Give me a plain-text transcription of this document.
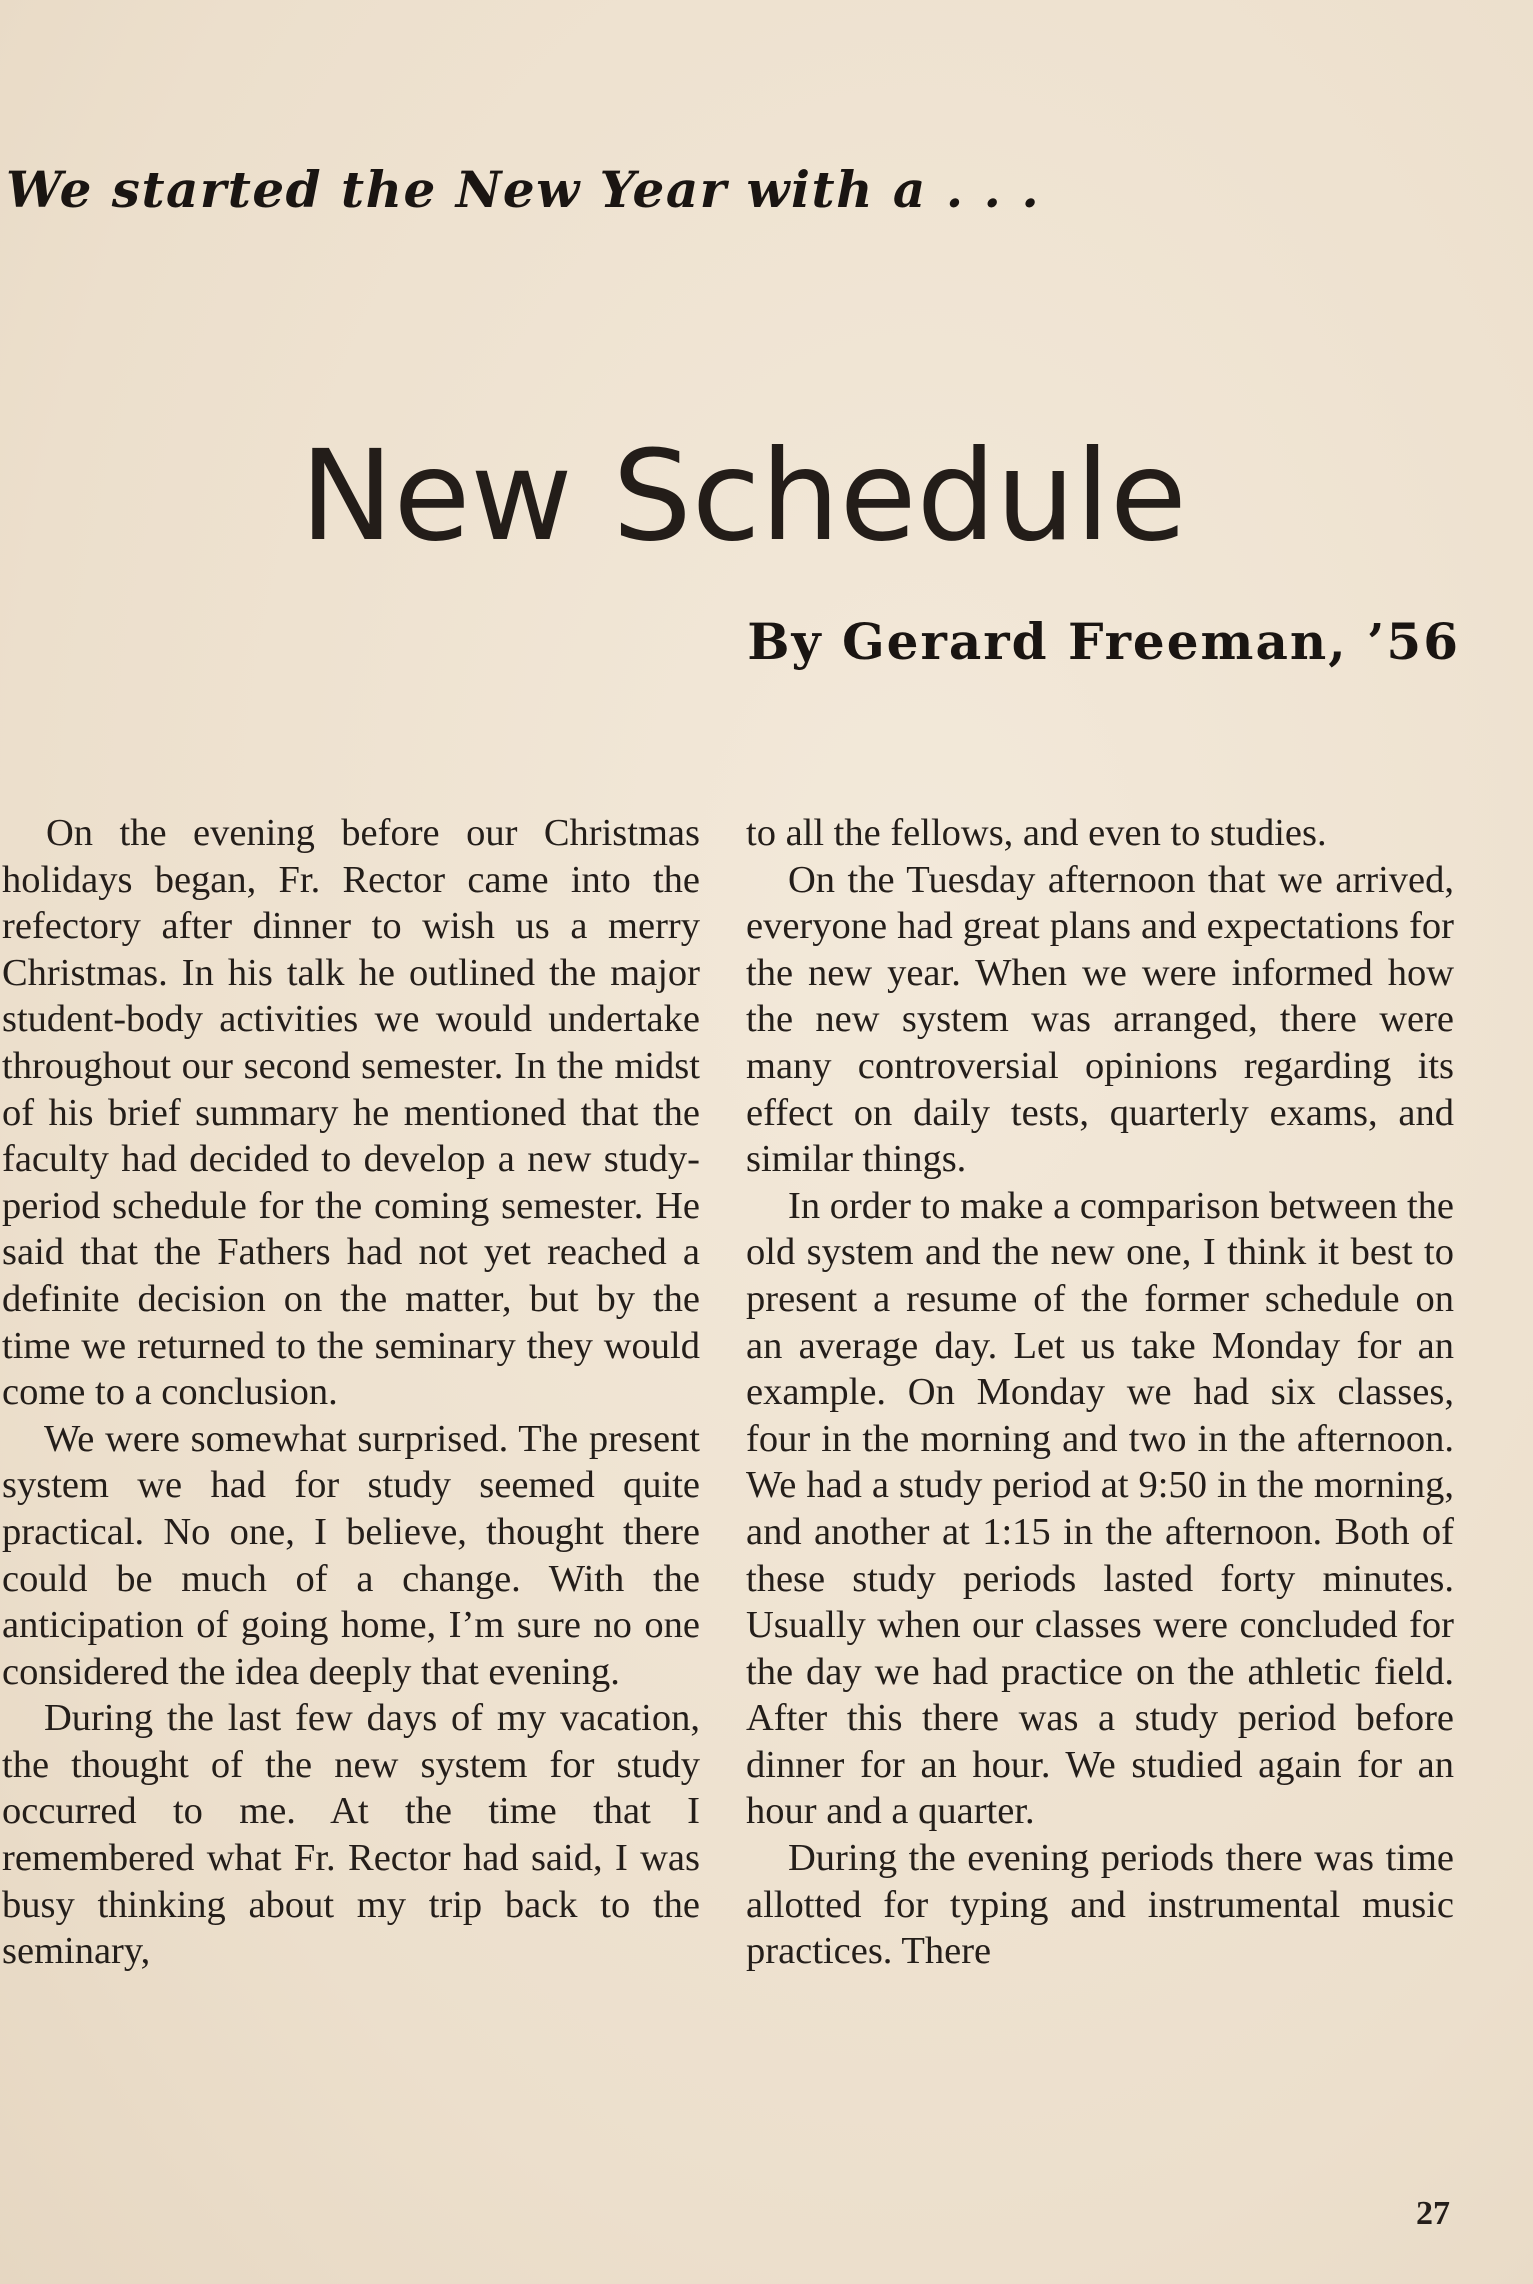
We started the New Year with a . . .
New Schedule
By Gerard Freeman, ’56

On the evening before our Christmas holidays began, Fr. Rector came into the refectory after dinner to wish us a merry Christmas. In his talk he outlined the major student-body activities we would undertake throughout our second semester. In the midst of his brief summary he mentioned that the faculty had decided to develop a new study-period schedule for the coming semester. He said that the Fathers had not yet reached a definite decision on the matter, but by the time we returned to the seminary they would come to a conclusion.

We were somewhat surprised. The present system we had for study seemed quite practical. No one, I believe, thought there could be much of a change. With the anticipation of going home, I’m sure no one considered the idea deeply that evening.

During the last few days of my vacation, the thought of the new system for study occurred to me. At the time that I remembered what Fr. Rector had said, I was busy thinking about my trip back to the seminary,

to all the fellows, and even to studies.

On the Tuesday afternoon that we arrived, everyone had great plans and expectations for the new year. When we were informed how the new system was arranged, there were many controversial opinions regarding its effect on daily tests, quarterly exams, and similar things.

In order to make a comparison between the old system and the new one, I think it best to present a resume of the former schedule on an average day. Let us take Monday for an example. On Monday we had six classes, four in the morning and two in the afternoon. We had a study period at 9:50 in the morning, and another at 1:15 in the afternoon. Both of these study periods lasted forty minutes. Usually when our classes were concluded for the day we had practice on the athletic field. After this there was a study period before dinner for an hour. We studied again for an hour and a quarter.

During the evening periods there was time allotted for typing and instrumental music practices. There

27
